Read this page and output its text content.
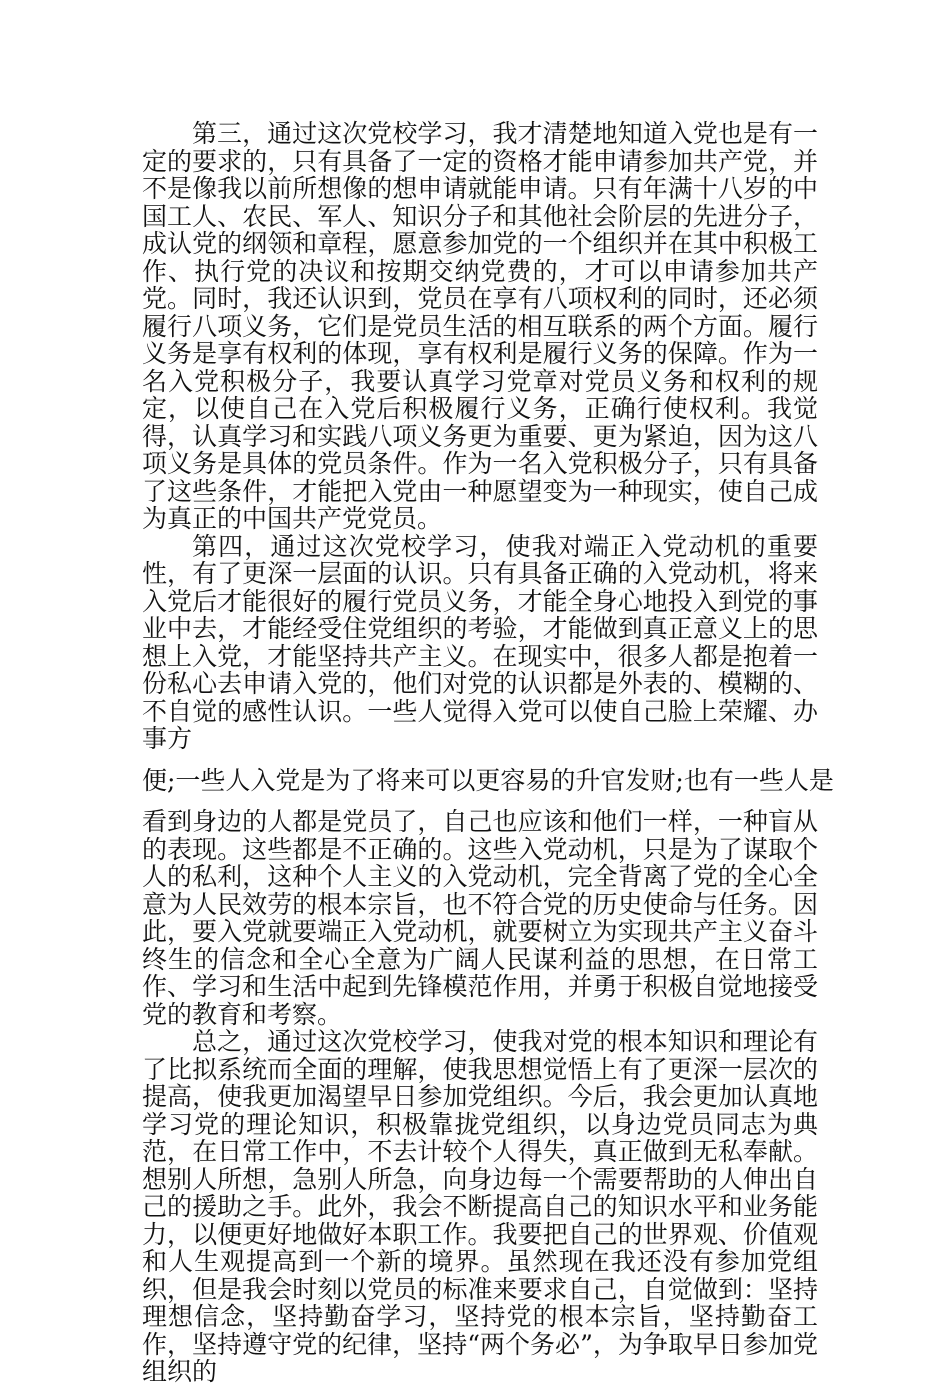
第三，通过这次党校学习，我才清楚地知道入党也是有一定的要求的，只有具备了一定的资格才能申请参加共产党，并不是像我以前所想像的想申请就能申请。只有年满十八岁的中国工人、农民、军人、知识分子和其他社会阶层的先进分子，成认党的纲领和章程，愿意参加党的一个组织并在其中积极工作、执行党的决议和按期交纳党费的，才可以申请参加共产党。同时，我还认识到，党员在享有八项权利的同时，还必须履行八项义务，它们是党员生活的相互联系的两个方面。履行义务是享有权利的体现，享有权利是履行义务的保障。作为一名入党积极分子，我要认真学习党章对党员义务和权利的规定，以使自己在入党后积极履行义务，正确行使权利。我觉得，认真学习和实践八项义务更为重要、更为紧迫，因为这八项义务是具体的党员条件。作为一名入党积极分子，只有具备了这些条件，才能把入党由一种愿望变为一种现实，使自己成为真正的中国共产党党员。

第四，通过这次党校学习，使我对端正入党动机的重要性，有了更深一层面的认识。只有具备正确的入党动机，将来入党后才能很好的履行党员义务，才能全身心地投入到党的事业中去，才能经受住党组织的考验，才能做到真正意义上的思想上入党，才能坚持共产主义。在现实中，很多人都是抱着一份私心去申请入党的，他们对党的认识都是外表的、模糊的、不自觉的感性认识。一些人觉得入党可以使自己脸上荣耀、办事方

便;一些人入党是为了将来可以更容易的升官发财;也有一些人是

看到身边的人都是党员了，自己也应该和他们一样，一种盲从的表现。这些都是不正确的。这些入党动机，只是为了谋取个人的私利，这种个人主义的入党动机，完全背离了党的全心全意为人民效劳的根本宗旨，也不符合党的历史使命与任务。因此，要入党就要端正入党动机，就要树立为实现共产主义奋斗终生的信念和全心全意为广阔人民谋利益的思想，在日常工作、学习和生活中起到先锋模范作用，并勇于积极自觉地接受党的教育和考察。

总之，通过这次党校学习，使我对党的根本知识和理论有了比拟系统而全面的理解，使我思想觉悟上有了更深一层次的提高，使我更加渴望早日参加党组织。今后，我会更加认真地学习党的理论知识，积极靠拢党组织，以身边党员同志为典范，在日常工作中，不去计较个人得失，真正做到无私奉献。想别人所想，急别人所急，向身边每一个需要帮助的人伸出自己的援助之手。此外，我会不断提高自己的知识水平和业务能力，以便更好地做好本职工作。我要把自己的世界观、价值观和人生观提高到一个新的境界。虽然现在我还没有参加党组织，但是我会时刻以党员的标准来要求自己，自觉做到：坚持理想信念，坚持勤奋学习，坚持党的根本宗旨，坚持勤奋工作，坚持遵守党的纪律，坚持“两个务必”，为争取早日参加党组织的
